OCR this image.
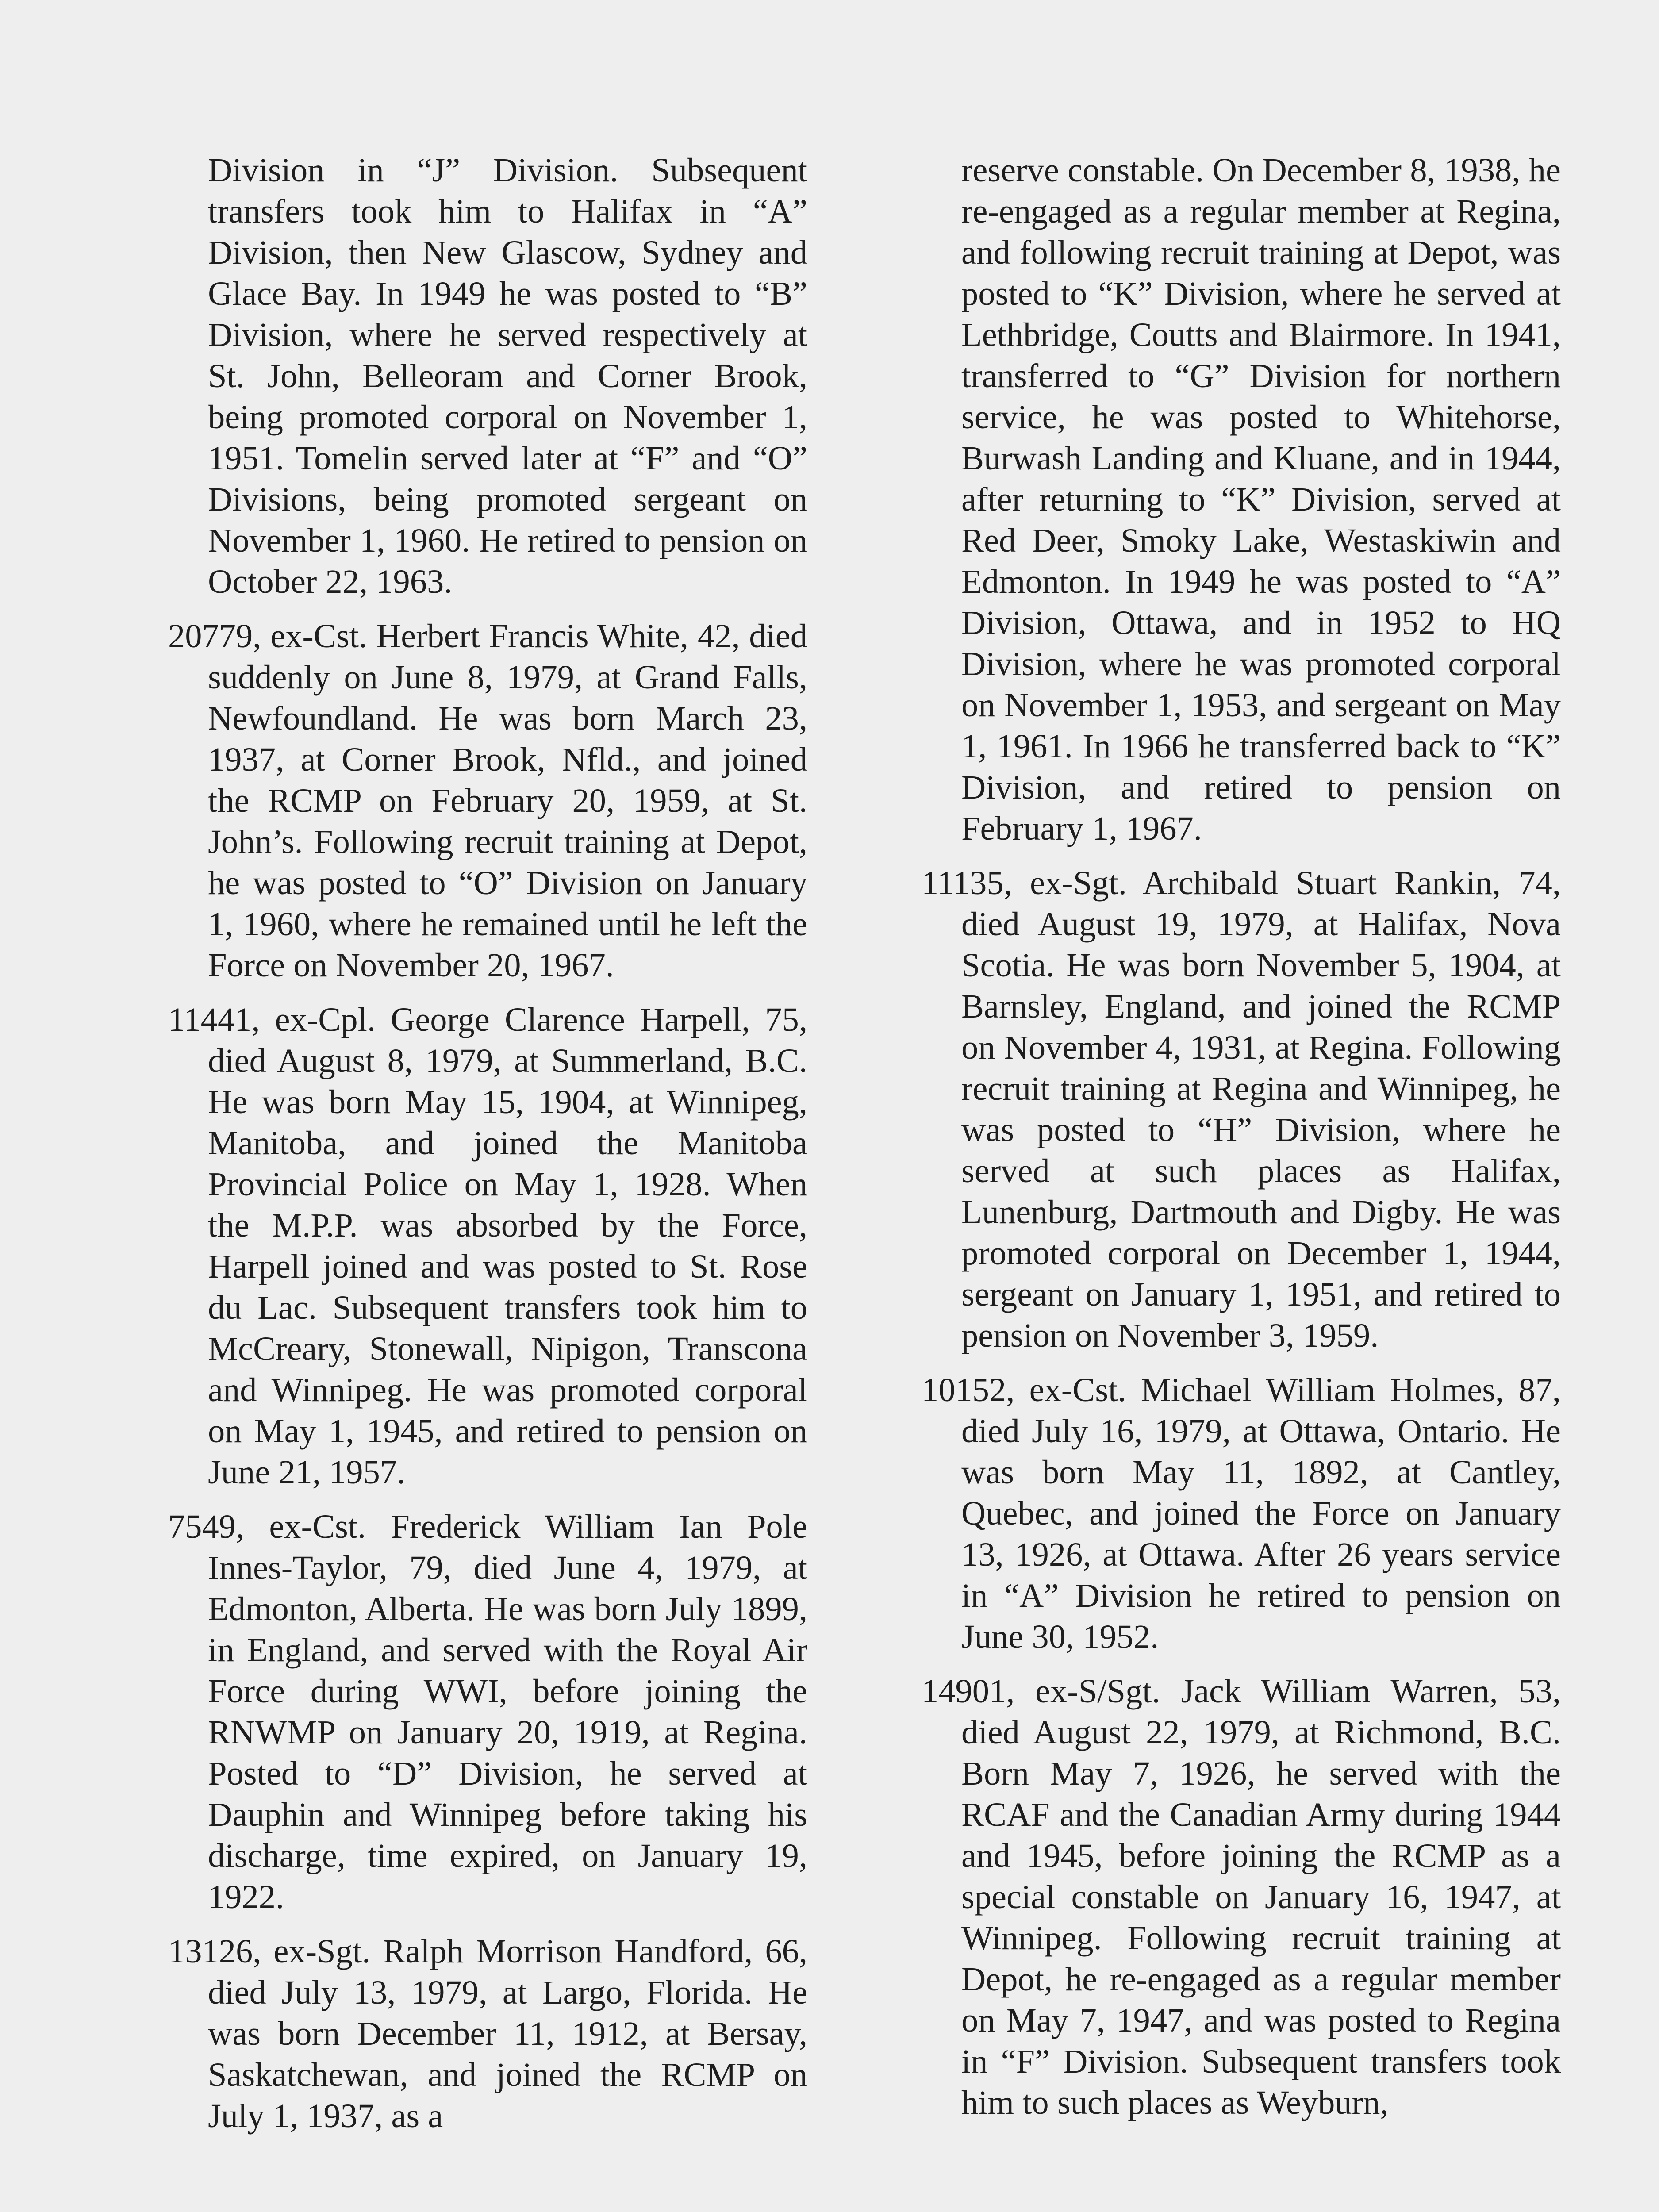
Division in “J” Division. Subsequent transfers took him to Halifax in “A” Division, then New Glascow, Sydney and Glace Bay. In 1949 he was posted to “B” Division, where he served respectively at St. John, Belleoram and Corner Brook, being promoted corporal on November 1, 1951. Tomelin served later at “F” and “O” Divisions, being promoted sergeant on November 1, 1960. He retired to pension on October 22, 1963.

20779, ex-Cst. Herbert Francis White, 42, died suddenly on June 8, 1979, at Grand Falls, Newfoundland. He was born March 23, 1937, at Corner Brook, Nfld., and joined the RCMP on February 20, 1959, at St. John’s. Following recruit training at Depot, he was posted to “O” Division on January 1, 1960, where he remained until he left the Force on November 20, 1967.

11441, ex-Cpl. George Clarence Harpell, 75, died August 8, 1979, at Summerland, B.C. He was born May 15, 1904, at Winnipeg, Manitoba, and joined the Manitoba Provincial Police on May 1, 1928. When the M.P.P. was absorbed by the Force, Harpell joined and was posted to St. Rose du Lac. Subsequent transfers took him to McCreary, Stonewall, Nipigon, Transcona and Winnipeg. He was promoted corporal on May 1, 1945, and retired to pension on June 21, 1957.

7549, ex-Cst. Frederick William Ian Pole Innes-Taylor, 79, died June 4, 1979, at Edmonton, Alberta. He was born July 1899, in England, and served with the Royal Air Force during WWI, before joining the RNWMP on January 20, 1919, at Regina. Posted to “D” Division, he served at Dauphin and Winnipeg before taking his discharge, time expired, on January 19, 1922.

13126, ex-Sgt. Ralph Morrison Handford, 66, died July 13, 1979, at Largo, Florida. He was born December 11, 1912, at Bersay, Saskatchewan, and joined the RCMP on July 1, 1937, as a

reserve constable. On December 8, 1938, he re-engaged as a regular member at Regina, and following recruit training at Depot, was posted to “K” Division, where he served at Lethbridge, Coutts and Blairmore. In 1941, transferred to “G” Division for northern service, he was posted to Whitehorse, Burwash Landing and Kluane, and in 1944, after returning to “K” Division, served at Red Deer, Smoky Lake, Westaskiwin and Edmonton. In 1949 he was posted to “A” Division, Ottawa, and in 1952 to HQ Division, where he was promoted corporal on November 1, 1953, and sergeant on May 1, 1961. In 1966 he transferred back to “K” Division, and retired to pension on February 1, 1967.

11135, ex-Sgt. Archibald Stuart Rankin, 74, died August 19, 1979, at Halifax, Nova Scotia. He was born November 5, 1904, at Barnsley, England, and joined the RCMP on November 4, 1931, at Regina. Following recruit training at Regina and Winnipeg, he was posted to “H” Division, where he served at such places as Halifax, Lunenburg, Dartmouth and Digby. He was promoted corporal on December 1, 1944, sergeant on January 1, 1951, and retired to pension on November 3, 1959.

10152, ex-Cst. Michael William Holmes, 87, died July 16, 1979, at Ottawa, Ontario. He was born May 11, 1892, at Cantley, Quebec, and joined the Force on January 13, 1926, at Ottawa. After 26 years service in “A” Division he retired to pension on June 30, 1952.

14901, ex-S/Sgt. Jack William Warren, 53, died August 22, 1979, at Richmond, B.C. Born May 7, 1926, he served with the RCAF and the Canadian Army during 1944 and 1945, before joining the RCMP as a special constable on January 16, 1947, at Winnipeg. Following recruit training at Depot, he re-engaged as a regular member on May 7, 1947, and was posted to Regina in “F” Division. Subsequent transfers took him to such places as Weyburn,
